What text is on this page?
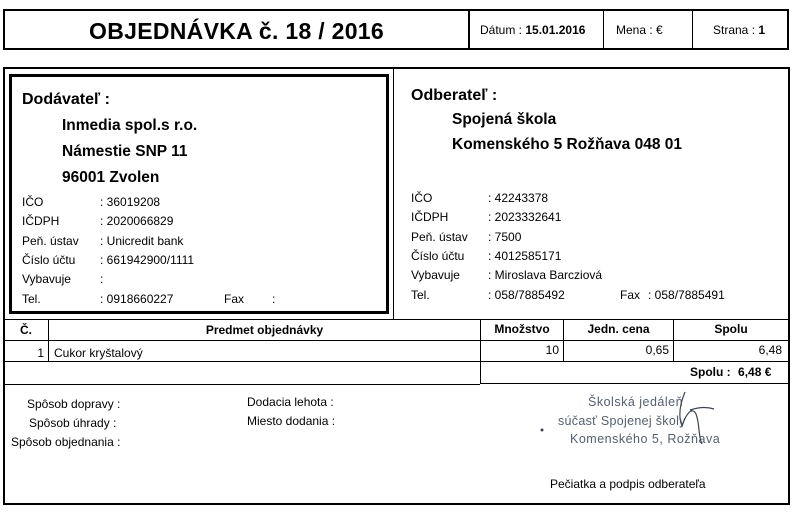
OBJEDNÁVKA č. 18 / 2016	Dátum : 15.01.2016	Mena : €	Strana : 1
Dodávateľ :
Inmedia spol.s r.o.
Námestie SNP 11
96001 Zvolen
IČO	: 36019208
IČDPH	: 2020066829
Peň. ústav : Unicredit bank
Číslo účtu : 661942900/1111
Vybavuje :
Tel.	: 0918660227	Fax :
Odberateľ :
Spojená škola
Komenského 5 Rožňava 048 01
IČO	: 42243378
IČDPH	: 2023332641
Peň. ústav : 7500
Číslo účtu : 4012585171
Vybavuje : Miroslava Barcziová
Tel.	: 058/7885492	Fax : 058/7885491
Č.	Predmet objednávky	Množstvo	Jedn. cena	Spolu
1 Cukor kryštalový	10	0,65	6,48
Spolu : 6,48 €
Spôsob dopravy :
Spôsob úhrady :
Spôsob objednania :
Dodacia lehota :
Miesto dodania :
Školská jedáleň
súčasť Spojenej školy
Komenského 5, Rožňava
Pečiatka a podpis odberateľa
